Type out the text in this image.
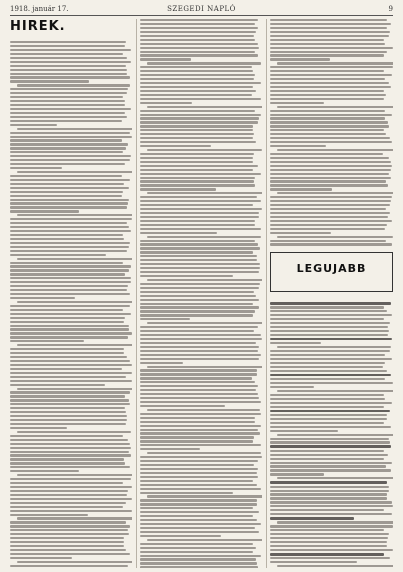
1918. január 17.	SZEGEDI NAPLÓ	9
HIREK.
LEGUJABB
